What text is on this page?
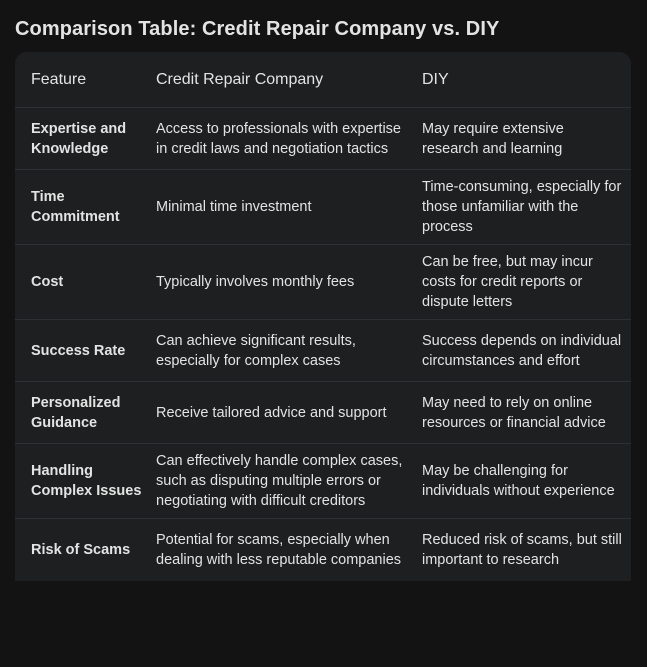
Comparison Table: Credit Repair Company vs. DIY
Feature	Credit Repair Company	DIY
Expertise and Knowledge	Access to professionals with expertise in credit laws and negotiation tactics	May require extensive research and learning
Time Commitment	Minimal time investment	Time-consuming, especially for those unfamiliar with the process
Cost	Typically involves monthly fees	Can be free, but may incur costs for credit reports or dispute letters
Success Rate	Can achieve significant results, especially for complex cases	Success depends on individual circumstances and effort
Personalized Guidance	Receive tailored advice and support	May need to rely on online resources or financial advice
Handling Complex Issues	Can effectively handle complex cases, such as disputing multiple errors or negotiating with difficult creditors	May be challenging for individuals without experience
Risk of Scams	Potential for scams, especially when dealing with less reputable companies	Reduced risk of scams, but still important to research
